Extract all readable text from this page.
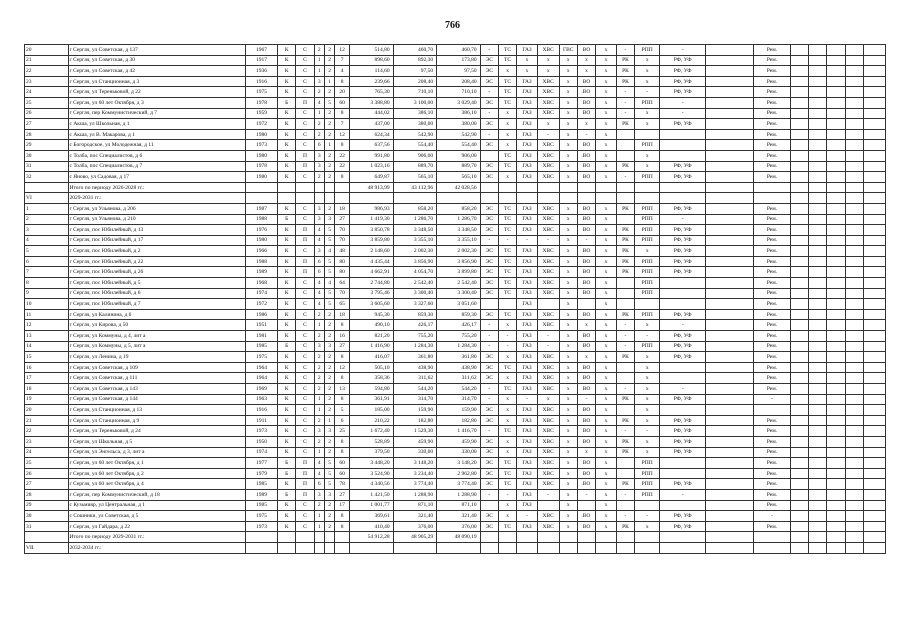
766
20	г Сергач, ул Советская, д 137	1967	К	С	2	2	12	514,80	460,70	460,70	-	ТС	ГАЗ	ХВС	ГВС	ВО	х	-	РПП	-		Рем.					
21	г Сергач, ул Советская, д 30	1917	К	С	1	2	7	898,60	892,30	173,80	ЭС	ТС	х	х	х	х	х	РК	х	РФ, УФ		Рем.					
22	г Сергач, ул Советская, д 42	1936	К	С	1	2	4	114,60	97,50	97,50	ЭС	х	х	х	х	х	х	РК	х	РФ, УФ		Рем.					
23	г Сергач, ул Станционная, д 3	1916	К	С	3	1	8	239,66	208,40	208,40	ЭС	ТС	ГАЗ	ХВС	х	ВО	х	РК	х	РФ, УФ		Рем.					
24	г Сергач, ул Тереньковой, д 22	1975	К	С	2	2	20	765,30	710,10	710,10	-	ТС	ГАЗ	ХВС	х	ВО	х	-	-	РФ, УФ		Рем.					
25	г Сергач, ул 60 лет Октября, д 3	1978	Б	П	4	5	60	3 388,80	3 100,00	3 029,40	ЭС	ТС	ГАЗ	ХВС	х	ВО	х	-	РПП	-		Рем.					
26	г Сергач, пер Коммунистический, д 7	1959	К	С	1	2	8	444,02	386,10	386,10	-	х	ГАЗ	ХВС	х	ВО	х	-	х	-		Рем.					
27	с Акша, ул Школьная, д 1	1972	К	С	2	2	7	437,00	380,00	380,00	ЭС	х	ГАЗ	х	х	х	х	РК	х	РФ, УФ		Рем.					
28	с Акша, ул В. Макарова, д 1	1980	К	С	2	2	12	624,34	542,90	542,90	-	х	ГАЗ	-	х	-	х					Рем.					
29	с Богородское, ул Молодежная, д 11	1973	К	С	6	1	8	637,56	554,40	554,40	ЭС	х	ГАЗ	ХВС	х	ВО	х		РПП			Рем.					
30	с Толба, пос Специалистов, д 6	1980	К	П	3	2	22	991,80	906,00	906,00		ТС	ГАЗ	ХВС	х	ВО	х		х			Рем.					
31	с Толба, пос Специалистов, д 7	1978	К	П	3	2	22	1 023,16	889,70	889,70	ЭС	ТС	ГАЗ	ХВС	х	ВО	х	РК	х	РФ, УФ		Рем.					
32	с Яново, ул Садовая, д 17	1980	К	С	2	2	8	649,87	565,10	565,10	ЭС	х	ГАЗ	ХВС	х	ВО	х	-	РПП	РФ, УФ		Рем.					
	Итого по периоду 2026-2028 гг.:							48 913,99	43 112,96	42 028,56																	
VI	2029-2031 гг.:																										
1	г Сергач, ул Ульянова, д 206	1987	К	С	3	2	18	986,93	858,20	858,20	ЭС	ТС	ГАЗ	ХВС	х	ВО	х	РК	РПП	РФ, УФ		Рем.					
2	г Сергач, ул Ульянова, д 210	1988	Б	С	3	3	27	1 419,30	1 286,70	1 286,70	ЭС	ТС	ГАЗ	ХВС	х	ВО	х		РПП	-		Рем.					
3	г Сергач, пос Юбилейный, д 13	1976	К	П	4	5	70	3 850,78	3 348,50	3 348,50	ЭС	ТС	ГАЗ	ХВС	х	ВО	х	РК	РПП	РФ, УФ		Рем.					
4	г Сергач, пос Юбилейный, д 17	1980	К	П	4	5	70	3 859,80	3 355,10	3 355,10	-	-	-	-	х	-	х	РК	РПП	РФ, УФ		Рем.					
5	г Сергач, пос Юбилейный, д 2	1966	К	С	3	4	48	2 148,60	2 002,30	2 002,30	ЭС	ТС	ГАЗ	ХВС	х	ВО	х	РК	х	РФ, УФ		Рем.					
6	г Сергач, пос Юбилейный, д 22	1988	К	П	6	5	80	4 435,44	3 856,90	3 856,90	ЭС	ТС	ГАЗ	ХВС	х	ВО	х	РК	РПП	РФ, УФ		Рем.					
7	г Сергач, пос Юбилейный, д 26	1989	К	П	6	5	80	4 662,91	4 054,70	3 899,80	ЭС	ТС	ГАЗ	ХВС	х	ВО	х	РК	РПП	РФ, УФ		Рем.					
8	г Сергач, пос Юбилейный, д 5	1968	К	С	4	4	64	2 744,80	2 542,40	2 542,40	ЭС	ТС	ГАЗ	ХВС	х	ВО	х		РПП			Рем.					
9	г Сергач, пос Юбилейный, д 6	1974	К	С	4	5	70	3 795,46	3 300,40	3 300,40	ЭС	ТС	ГАЗ	ХВС	х	ВО	х		РПП			Рем.					
10	г Сергач, пос Юбилейный, д 7	1972	К	С	4	5	65	3 605,60	3 327,60	3 051,60			ГАЗ		х		х					Рем.					
11	г Сергач, ул Калинина, д 6	1986	К	С	2	2	18	945,30	859,30	859,30	ЭС	ТС	ГАЗ	ХВС	х	ВО	х	РК	РПП	РФ, УФ		Рем.					
12	г Сергач, ул Кирова, д 50	1951	К	С	1	2	8	490,10	426,17	426,17	-	х	ГАЗ	ХВС	х	х	х	-	х	-		Рем.					
13	г Сергач, ул Коммуны, д 4, лит а	1981	К	С	2	2	16	821,20	755,20	755,20	-	-	ГАЗ	-	х	ВО	х	-	-	РФ, УФ		Рем.					
14	г Сергач, ул Коммуны, д 5, лит а	1985	Б	С	3	3	27	1 416,90	1 284,30	1 284,30	-	-	ГАЗ	-	х	ВО	х	-	РПП	РФ, УФ		Рем.					
15	г Сергач, ул Ленина, д 19	1975	К	С	2	2	8	416,07	361,80	361,80	ЭС	х	ГАЗ	ХВС	х	х	х	РК	х	РФ, УФ		Рем.					
16	г Сергач, ул Советская, д 109	1964	К	С	2	2	12	505,10	438,90	438,90	ЭС	ТС	ГАЗ	ХВС	х	ВО	х		х			Рем.					
17	г Сергач, ул Советская, д 111	1964	К	С	2	2	8	358,36	311,62	311,62	ЭС	х	ГАЗ	ХВС	х	ВО	х		х			Рем.					
18	г Сергач, ул Советская, д 143	1969	К	С	2	2	13	594,80	544,20	544,20	-	ТС	ГАЗ	ХВС	х	ВО	х	-	х	-		Рем.					
19	г Сергач, ул Советская, д 144	1963	К	С	1	2	8	361,91	314,70	314,70	-	х	-	х	х	-	х	РК	х	РФ, УФ		-					
20	г Сергач, ул Станционная, д 13	1916	К	С	1	2	5	185,00	159,90	159,90	ЭС	х	ГАЗ	ХВС	х	ВО	х		х								
21	г Сергач, ул Станционная, д 9	1911	К	С	2	1	6	210,22	182,80	182,80	ЭС	х	ГАЗ	ХВС	х	ВО	х	РК	х	РФ, УФ		Рем.					
22	г Сергач, ул Тереньковой, д 24	1973	К	С	3	3	25	1 672,40	1 529,30	1 416,70	-	ТС	ГАЗ	ХВС	х	ВО	х	-	-	РФ, УФ		Рем.					
23	г Сергач, ул Школьная, д 5	1950	К	С	2	2	8	528,89	459,90	459,90	ЭС	х	ГАЗ	ХВС	х	ВО	х	РК	х	РФ, УФ		Рем.					
24	г Сергач, ул Энгельса, д 3, лит а	1974	К	С	1	2	8	379,50	330,00	330,00	ЭС	х	ГАЗ	ХВС	х	х	х	РК	х	РФ, УФ		Рем.					
25	г Сергач, ул 60 лет Октября, д 1	1977	Б	П	4	5	60	3 448,20	3 148,20	3 148,20	ЭС	ТС	ГАЗ	ХВС	х	ВО	х		РПП			Рем.					
26	г Сергач, ул 60 лет Октября, д 2	1979	Б	П	4	5	60	3 524,90	3 234,40	2 962,80	ЭС	ТС	ГАЗ	ХВС	х	ВО	х		РПП			Рем.					
27	г Сергач, ул 60 лет Октября, д 4	1985	К	П	6	5	78	4 340,56	3 774,40	3 774,40	ЭС	ТС	ГАЗ	ХВС	х	ВО	х	РК	РПП	РФ, УФ		Рем.					
28	г Сергач, пер Коммунистический, д 18	1989	Б	П	3	3	27	1 421,50	1 288,90	1 288,90	-	-	ГАЗ	-	х	-	х	-	РПП	-		Рем.					
29	с Кузьмияр, ул Центральная, д 1	1985	К	С	2	2	17	1 001,77	871,10	871,10		х	ГАЗ		х		х					Рем.					
30	с Сошники, ул Советская, д 5	1975	К	С	1	2	8	369,61	321,40	321,40	ЭС	х	-	ХВС	х	ВО	х	-	-	РФ, УФ		-					
31	г Сергач, ул Гайдара, д 22	1973	К	С	1	2	8	410,40	376,00	376,00	ЭС	ТС	ГАЗ	ХВС	х	ВО	х	РК	х	РФ, УФ		Рем.					
	Итого по периоду 2029-2031 гг.:							54 912,28	48 905,29	48 090,19																	
VII	2032-2034 гг.:																										
